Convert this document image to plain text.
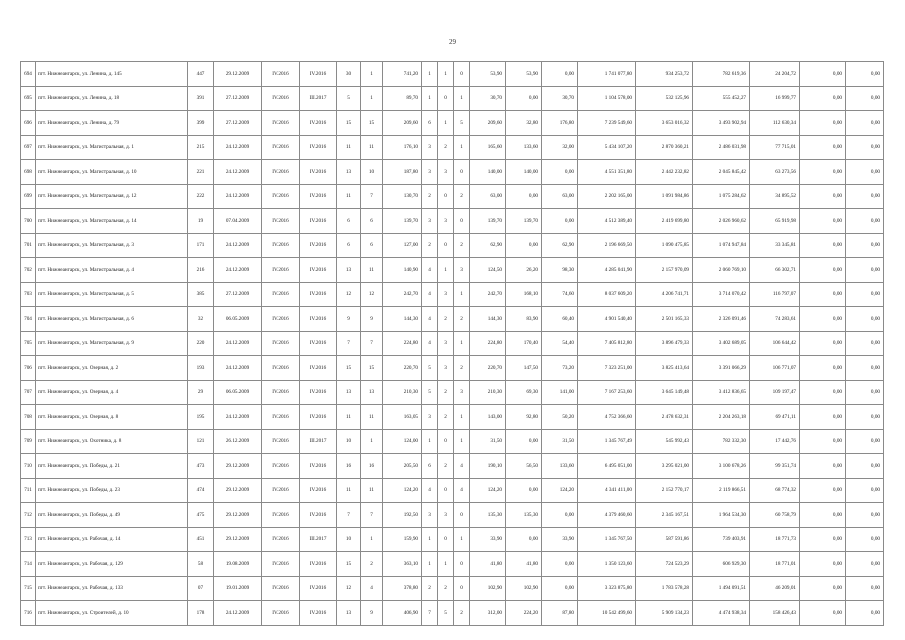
29
694	пгт. Нижнеангарск, ул. Ленина, д. 145	447	29.12.2009	IV.2016	IV.2016	30	1	741,20	1	1	0	53,90	53,90	0,00	1 741 077,80	934 253,72	782 619,36	24 204,72	0,00	0,00
695	пгт. Нижнеангарск, ул. Ленина, д. 18	391	27.12.2009	IV.2016	III.2017	5	1	89,70	1	0	1	30,70	0,00	30,70	1 104 578,00	532 125,96	555 452,27	16 999,77	0,00	0,00
696	пгт. Нижнеангарск, ул. Ленина, д. 79	399	27.12.2009	IV.2016	IV.2016	15	15	209,60	6	1	5	209,60	32,80	176,80	7 239 549,60	3 653 016,32	3 493 902,94	112 630,34	0,00	0,00
697	пгт. Нижнеангарск, ул. Магистральная, д. 1	215	24.12.2009	IV.2016	IV.2016	11	11	176,10	3	2	1	165,60	133,60	32,00	5 434 107,20	2 870 360,21	2 486 031,98	77 715,01	0,00	0,00
698	пгт. Нижнеангарск, ул. Магистральная, д. 10	221	24.12.2009	IV.2016	IV.2016	13	10	187,80	3	3	0	140,00	140,00	0,00	4 551 351,80	2 442 232,82	2 045 845,42	63 273,56	0,00	0,00
699	пгт. Нижнеангарск, ул. Магистральная, д. 12	222	24.12.2009	IV.2016	IV.2016	11	7	130,70	2	0	2	63,00	0,00	63,00	2 202 165,00	1 091 984,86	1 075 284,62	34 895,52	0,00	0,00
700	пгт. Нижнеангарск, ул. Магистральная, д. 14	19	07.04.2009	IV.2016	IV.2016	6	6	139,70	3	3	0	139,70	139,70	0,00	4 512 389,40	2 419 699,80	2 026 960,62	65 919,98	0,00	0,00
701	пгт. Нижнеангарск, ул. Магистральная, д. 3	171	24.12.2009	IV.2016	IV.2016	6	6	127,00	2	0	2	62,90	0,00	62,90	2 196 669,50	1 090 475,85	1 074 947,84	33 345,81	0,00	0,00
702	пгт. Нижнеангарск, ул. Магистральная, д. 4	216	24.12.2009	IV.2016	IV.2016	13	11	140,90	4	1	3	124,50	26,20	98,30	4 285 041,90	2 157 970,09	2 060 769,10	66 302,71	0,00	0,00
703	пгт. Нижнеангарск, ул. Магистральная, д. 5	385	27.12.2009	IV.2016	IV.2016	12	12	242,70	4	3	1	242,70	168,10	74,60	8 037 609,20	4 206 741,71	3 714 070,42	116 797,07	0,00	0,00
704	пгт. Нижнеангарск, ул. Магистральная, д. 6	32	06.05.2009	IV.2016	IV.2016	9	9	144,30	4	2	2	144,30	83,90	60,40	4 901 540,40	2 501 165,33	2 326 091,46	74 283,61	0,00	0,00
705	пгт. Нижнеангарск, ул. Магистральная, д. 9	220	24.12.2009	IV.2016	IV.2016	7	7	224,80	4	3	1	224,80	170,40	54,40	7 405 812,80	3 896 479,33	3 402 689,05	106 644,42	0,00	0,00
706	пгт. Нижнеангарск, ул. Озерная, д. 2	193	24.12.2009	IV.2016	IV.2016	15	15	220,70	5	3	2	220,70	147,50	73,20	7 323 251,00	3 825 413,64	3 391 066,29	106 771,07	0,00	0,00
707	пгт. Нижнеангарск, ул. Озерная, д. 4	29	06.05.2009	IV.2016	IV.2016	13	13	210,30	5	2	3	210,30	69,30	141,00	7 167 253,60	3 645 149,48	3 412 836,65	109 197,47	0,00	0,00
708	пгт. Нижнеангарск, ул. Озерная, д. 8	195	24.12.2009	IV.2016	IV.2016	11	11	163,05	3	2	1	143,00	92,80	50,20	4 752 366,60	2 478 632,31	2 204 263,18	69 471,11	0,00	0,00
709	пгт. Нижнеангарск, ул. Охотника, д. 8	121	26.12.2009	IV.2016	III.2017	10	1	124,00	1	0	1	31,50	0,00	31,50	1 345 767,49	545 992,43	782 332,30	17 442,76	0,00	0,00
710	пгт. Нижнеангарск, ул. Победы, д. 21	473	29.12.2009	IV.2016	IV.2016	16	16	205,50	6	2	4	190,10	56,50	133,60	6 495 051,00	3 295 021,00	3 100 678,26	99 351,74	0,00	0,00
711	пгт. Нижнеангарск, ул. Победы, д. 23	474	29.12.2009	IV.2016	IV.2016	11	11	124,20	4	0	4	124,20	0,00	124,20	4 341 411,00	2 152 770,17	2 119 866,51	68 774,32	0,00	0,00
712	пгт. Нижнеангарск, ул. Победы, д. 49	475	29.12.2009	IV.2016	IV.2016	7	7	192,50	3	3	0	135,30	135,30	0,00	4 379 460,60	2 345 167,51	1 964 534,30	60 758,79	0,00	0,00
713	пгт. Нижнеангарск, ул. Рабочая, д. 14	451	29.12.2009	IV.2016	III.2017	10	1	159,90	1	0	1	33,90	0,00	33,90	1 345 767,50	587 591,86	739 403,91	18 771,73	0,00	0,00
714	пгт. Нижнеангарск, ул. Рабочая, д. 129	58	19.08.2009	IV.2016	IV.2016	15	2	363,10	1	1	0	41,80	41,80	0,00	1 350 123,60	724 523,29	606 929,30	18 771,01	0,00	0,00
715	пгт. Нижнеангарск, ул. Рабочая, д. 133	07	19.01.2009	IV.2016	IV.2016	12	4	378,80	2	2	0	102,90	102,90	0,00	3 323 875,80	1 783 578,28	1 494 091,51	46 209,01	0,00	0,00
716	пгт. Нижнеангарск, ул. Строителей, д. 10	178	24.12.2009	IV.2016	IV.2016	13	9	406,90	7	5	2	312,00	224,20	87,80	10 542 499,60	5 909 134,23	4 474 938,34	158 426,43	0,00	0,00
